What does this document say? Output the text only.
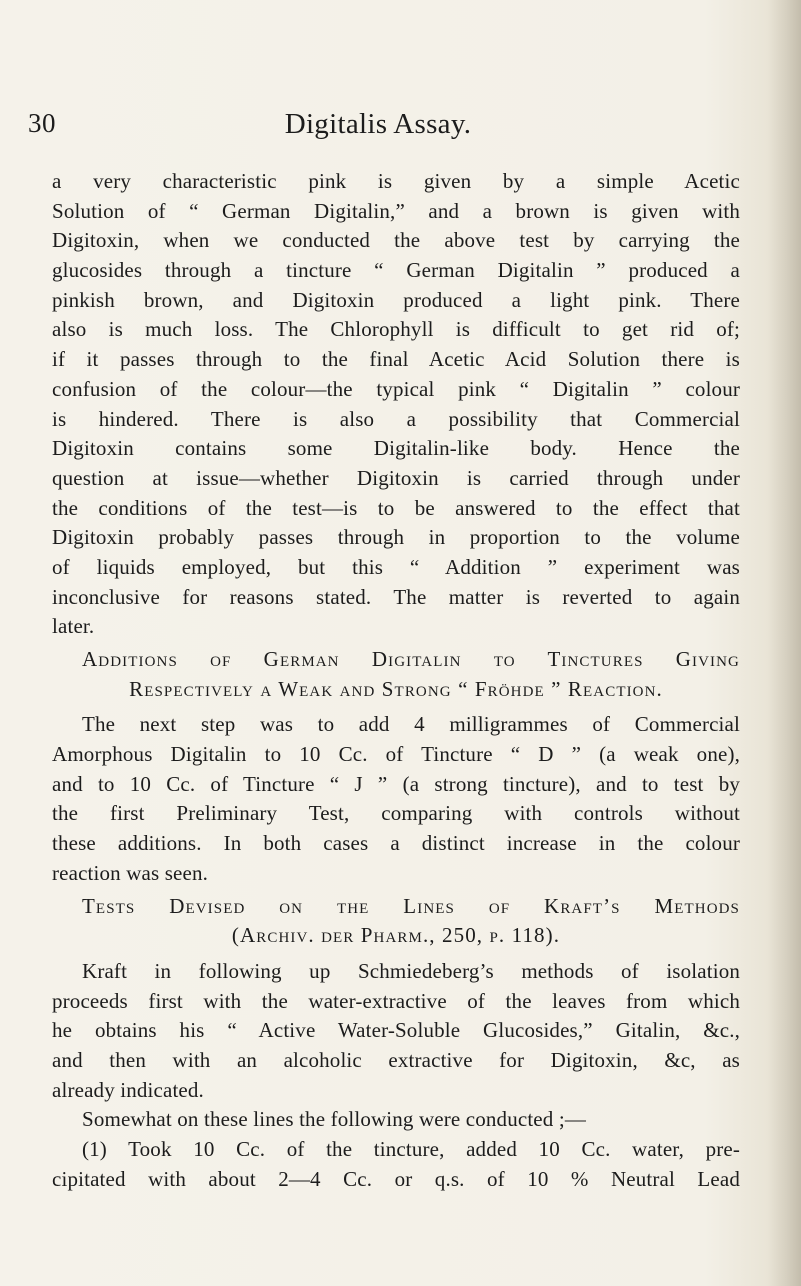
30	Digitalis Assay.
a very characteristic pink is given by a simple Acetic
Solution of “ German Digitalin,” and a brown is given with
Digitoxin, when we conducted the above test by carrying the
glucosides through a tincture “ German Digitalin ” produced a
pinkish brown, and Digitoxin produced a light pink. There
also is much loss. The Chlorophyll is difficult to get rid of;
if it passes through to the final Acetic Acid Solution there is
confusion of the colour—the typical pink “ Digitalin ” colour
is hindered. There is also a possibility that Commercial
Digitoxin contains some Digitalin-like body. Hence the
question at issue—whether Digitoxin is carried through under
the conditions of the test—is to be answered to the effect that
Digitoxin probably passes through in proportion to the volume
of liquids employed, but this “ Addition ” experiment was
inconclusive for reasons stated. The matter is reverted to again
later.
Additions of German Digitalin to Tinctures Giving
Respectively a Weak and Strong “ Fröhde ” Reaction.
The next step was to add 4 milligrammes of Commercial
Amorphous Digitalin to 10 Cc. of Tincture “ D ” (a weak one),
and to 10 Cc. of Tincture “ J ” (a strong tincture), and to test by
the first Preliminary Test, comparing with controls without
these additions. In both cases a distinct increase in the colour
reaction was seen.
Tests Devised on the Lines of Kraft’s Methods
(Archiv. der Pharm., 250, p. 118).
Kraft in following up Schmiedeberg’s methods of isolation
proceeds first with the water-extractive of the leaves from which
he obtains his “ Active Water-Soluble Glucosides,” Gitalin, &c.,
and then with an alcoholic extractive for Digitoxin, &c, as
already indicated.
Somewhat on these lines the following were conducted ;—
(1) Took 10 Cc. of the tincture, added 10 Cc. water, pre-
cipitated with about 2—4 Cc. or q.s. of 10 % Neutral Lead
